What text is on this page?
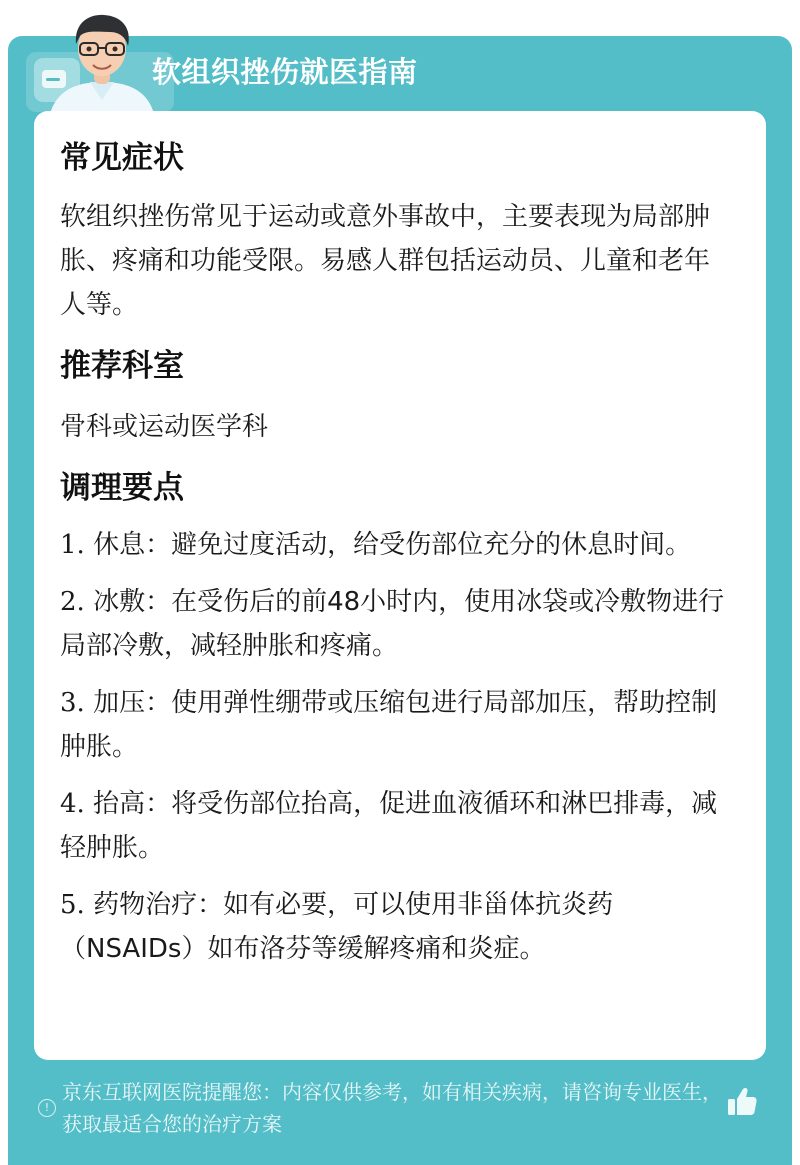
软组织挫伤就医指南
常见症状

软组织挫伤常见于运动或意外事故中，主要表现为局部肿胀、疼痛和功能受限。易感人群包括运动员、儿童和老年人等。

推荐科室

骨科或运动医学科

调理要点

1. 休息：避免过度活动，给受伤部位充分的休息时间。

2. 冰敷：在受伤后的前48小时内，使用冰袋或冷敷物进行局部冷敷，减轻肿胀和疼痛。

3. 加压：使用弹性绷带或压缩包进行局部加压，帮助控制肿胀。

4. 抬高：将受伤部位抬高，促进血液循环和淋巴排毒，减轻肿胀。

5. 药物治疗：如有必要，可以使用非甾体抗炎药（NSAIDs）如布洛芬等缓解疼痛和炎症。

!
京东互联网医院提醒您：内容仅供参考，如有相关疾病，请咨询专业医生，获取最适合您的治疗方案
